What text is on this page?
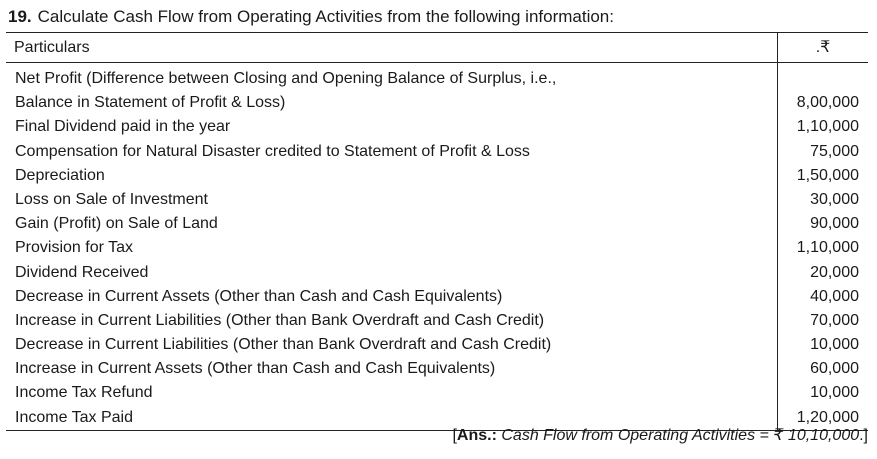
19. Calculate Cash Flow from Operating Activities from the following information:
Particulars	.₹
Net Profit (Difference between Closing and Opening Balance of Surplus, i.e.,
Balance in Statement of Profit & Loss)
Final Dividend paid in the year
Compensation for Natural Disaster credited to Statement of Profit & Loss
Depreciation
Loss on Sale of Investment
Gain (Profit) on Sale of Land
Provision for Tax
Dividend Received
Decrease in Current Assets (Other than Cash and Cash Equivalents)
Increase in Current Liabilities (Other than Bank Overdraft and Cash Credit)
Decrease in Current Liabilities (Other than Bank Overdraft and Cash Credit)
Increase in Current Assets (Other than Cash and Cash Equivalents)
Income Tax Refund
Income Tax Paid
8,00,000
1,10,000
75,000
1,50,000
30,000
90,000
1,10,000
20,000
40,000
70,000
10,000
60,000
10,000
1,20,000
[Ans.: Cash Flow from Operating Activities = ₹ 10,10,000.]
